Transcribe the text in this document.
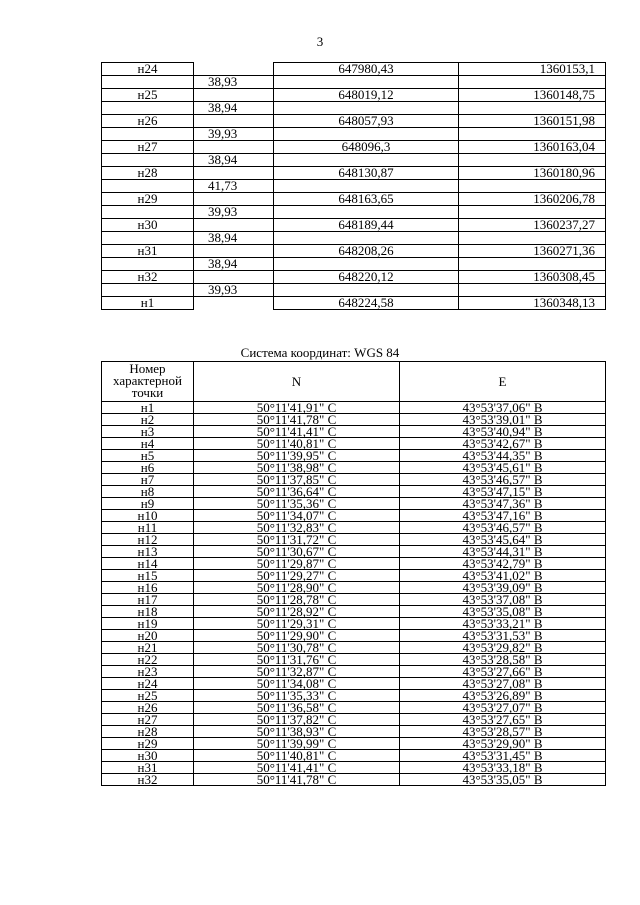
3
н24		647980,43	1360153,1
	38,93		
н25		648019,12	1360148,75
	38,94		
н26		648057,93	1360151,98
	39,93		
н27		648096,3	1360163,04
	38,94		
н28		648130,87	1360180,96
	41,73		
н29		648163,65	1360206,78
	39,93		
н30		648189,44	1360237,27
	38,94		
н31		648208,26	1360271,36
	38,94		
н32		648220,12	1360308,45
	39,93		
н1		648224,58	1360348,13
Система координат: WGS 84
Номер характерной точки	N	E
н1	50°11'41,91" С	43°53'37,06" В
н2	50°11'41,78" С	43°53'39,01" В
н3	50°11'41,41" С	43°53'40,94" В
н4	50°11'40,81" С	43°53'42,67" В
н5	50°11'39,95" С	43°53'44,35" В
н6	50°11'38,98" С	43°53'45,61" В
н7	50°11'37,85" С	43°53'46,57" В
н8	50°11'36,64" С	43°53'47,15" В
н9	50°11'35,36" С	43°53'47,36" В
н10	50°11'34,07" С	43°53'47,16" В
н11	50°11'32,83" С	43°53'46,57" В
н12	50°11'31,72" С	43°53'45,64" В
н13	50°11'30,67" С	43°53'44,31" В
н14	50°11'29,87" С	43°53'42,79" В
н15	50°11'29,27" С	43°53'41,02" В
н16	50°11'28,90" С	43°53'39,09" В
н17	50°11'28,78" С	43°53'37,08" В
н18	50°11'28,92" С	43°53'35,08" В
н19	50°11'29,31" С	43°53'33,21" В
н20	50°11'29,90" С	43°53'31,53" В
н21	50°11'30,78" С	43°53'29,82" В
н22	50°11'31,76" С	43°53'28,58" В
н23	50°11'32,87" С	43°53'27,66" В
н24	50°11'34,08" С	43°53'27,08" В
н25	50°11'35,33" С	43°53'26,89" В
н26	50°11'36,58" С	43°53'27,07" В
н27	50°11'37,82" С	43°53'27,65" В
н28	50°11'38,93" С	43°53'28,57" В
н29	50°11'39,99" С	43°53'29,90" В
н30	50°11'40,81" С	43°53'31,45" В
н31	50°11'41,41" С	43°53'33,18" В
н32	50°11'41,78" С	43°53'35,05" В
